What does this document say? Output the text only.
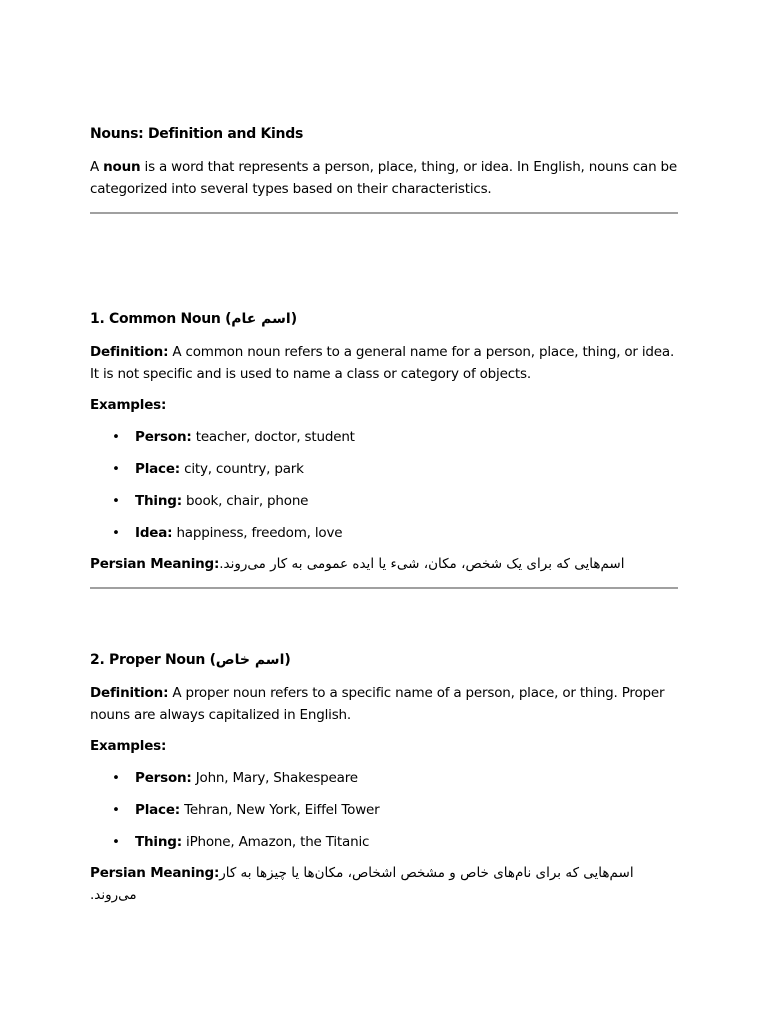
Nouns: Definition and Kinds

A noun is a word that represents a person, place, thing, or idea. In English, nouns can be categorized into several types based on their characteristics.

1. Common Noun (اسم عام)

Definition: A common noun refers to a general name for a person, place, thing, or idea. It is not specific and is used to name a class or category of objects.

Examples:
• Person: teacher, doctor, student
• Place: city, country, park
• Thing: book, chair, phone
• Idea: happiness, freedom, love

Persian Meaning: اسم‌هایی که برای یک شخص، مکان، شیء یا ایده عمومی به کار می‌روند.

2. Proper Noun (اسم خاص)

Definition: A proper noun refers to a specific name of a person, place, or thing. Proper nouns are always capitalized in English.

Examples:
• Person: John, Mary, Shakespeare
• Place: Tehran, New York, Eiffel Tower
• Thing: iPhone, Amazon, the Titanic

Persian Meaning: اسم‌هایی که برای نام‌های خاص و مشخص اشخاص، مکان‌ها یا چیزها به کار می‌روند.
